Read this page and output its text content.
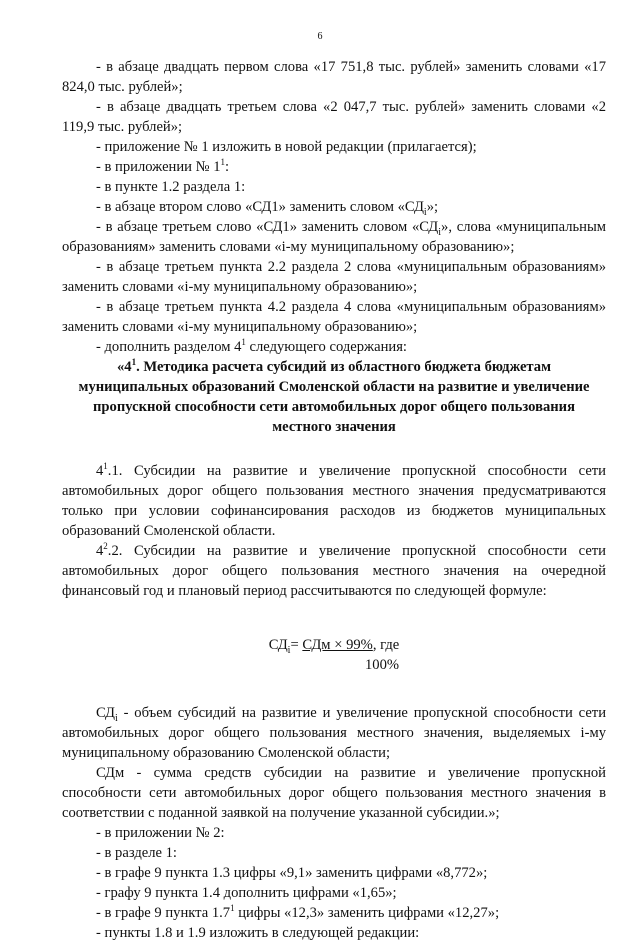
6

- в абзаце двадцать первом слова «17 751,8 тыс. рублей» заменить словами «17 824,0 тыс. рублей»;

- в абзаце двадцать третьем слова «2 047,7 тыс. рублей» заменить словами «2 119,9 тыс. рублей»;

- приложение № 1 изложить в новой редакции (прилагается);

- в приложении № $1^1$:

- в пункте 1.2 раздела 1:

- в абзаце втором слово «СД1» заменить словом «$СД_i$»;

- в абзаце третьем слово «СД1» заменить словом «$СД_i$», слова «муниципальным образованиям» заменить словами «i-му муниципальному образованию»;

- в абзаце третьем пункта 2.2 раздела 2 слова «муниципальным образованиям» заменить словами «i-му муниципальному образованию»;

- в абзаце третьем пункта 4.2 раздела 4 слова «муниципальным образованиям» заменить словами «i-му муниципальному образованию»;

- дополнить разделом $4^1$ следующего содержания:

«$4^1$. Методика расчета субсидий из областного бюджета бюджетам муниципальных образований Смоленской области на развитие и увеличение пропускной способности сети автомобильных дорог общего пользования местного значения

$4^1.1$. Субсидии на развитие и увеличение пропускной способности сети автомобильных дорог общего пользования местного значения предусматриваются только при условии софинансирования расходов из бюджетов муниципальных образований Смоленской области.

$4^2.2$. Субсидии на развитие и увеличение пропускной способности сети автомобильных дорог общего пользования местного значения на очередной финансовый год и плановый период рассчитываются по следующей формуле:

$СД_i=$ СДм × 99%, где
100%

$СД_i$ - объем субсидий на развитие и увеличение пропускной способности сети автомобильных дорог общего пользования местного значения, выделяемых i-му муниципальному образованию Смоленской области;

СДм - сумма средств субсидии на развитие и увеличение пропускной способности сети автомобильных дорог общего пользования местного значения в соответствии с поданной заявкой на получение указанной субсидии.»;

- в приложении № 2:

- в разделе 1:

- в графе 9 пункта 1.3 цифры «9,1» заменить цифрами «8,772»;

- графу 9 пункта 1.4 дополнить цифрами «1,65»;

- в графе 9 пункта $1.7^1$ цифры «12,3» заменить цифрами «12,27»;

- пункты 1.8 и 1.9 изложить в следующей редакции:
